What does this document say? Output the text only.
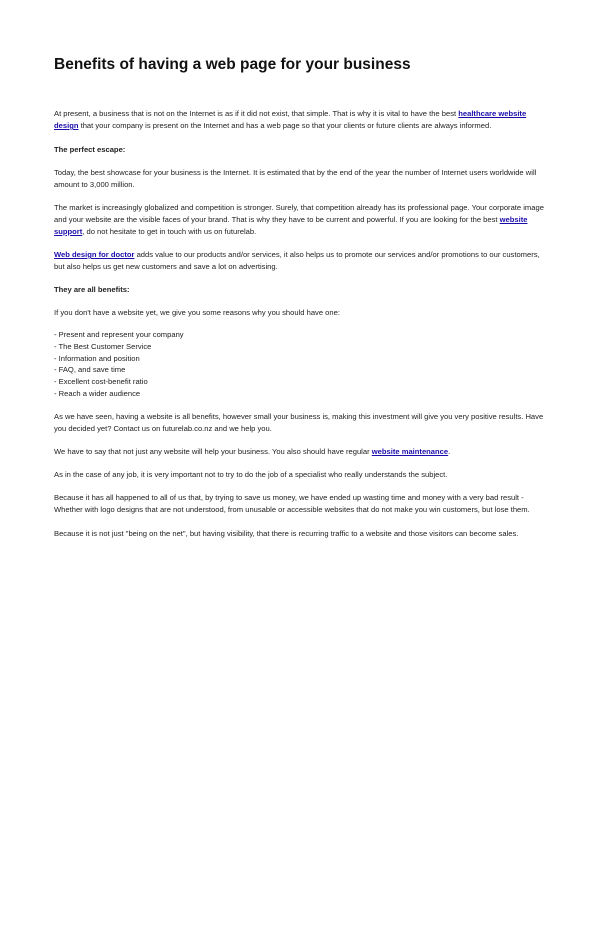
Benefits of having a web page for your business

At present, a business that is not on the Internet is as if it did not exist, that simple. That is why it is vital to have the best healthcare website design that your company is present on the Internet and has a web page so that your clients or future clients are always informed.

The perfect escape:
Today, the best showcase for your business is the Internet. It is estimated that by the end of the year the number of Internet users worldwide will amount to 3,000 million.

The market is increasingly globalized and competition is stronger. Surely, that competition already has its professional page. Your corporate image and your website are the visible faces of your brand. That is why they have to be current and powerful. If you are looking for the best website support, do not hesitate to get in touch with us on futurelab.

Web design for doctor adds value to our products and/or services, it also helps us to promote our services and/or promotions to our customers, but also helps us get new customers and save a lot on advertising.

They are all benefits:
If you don't have a website yet, we give you some reasons why you should have one:
- Present and represent your company
- The Best Customer Service
- Information and position
- FAQ, and save time
- Excellent cost-benefit ratio
- Reach a wider audience
As we have seen, having a website is all benefits, however small your business is, making this investment will give you very positive results. Have you decided yet? Contact us on futurelab.co.nz and we help you.

We have to say that not just any website will help your business. You also should have regular website maintenance.

As in the case of any job, it is very important not to try to do the job of a specialist who really understands the subject.
Because it has all happened to all of us that, by trying to save us money, we have ended up wasting time and money with a very bad result - Whether with logo designs that are not understood, from unusable or accessible websites that do not make you win customers, but lose them.
Because it is not just "being on the net", but having visibility, that there is recurring traffic to a website and those visitors can become sales.
